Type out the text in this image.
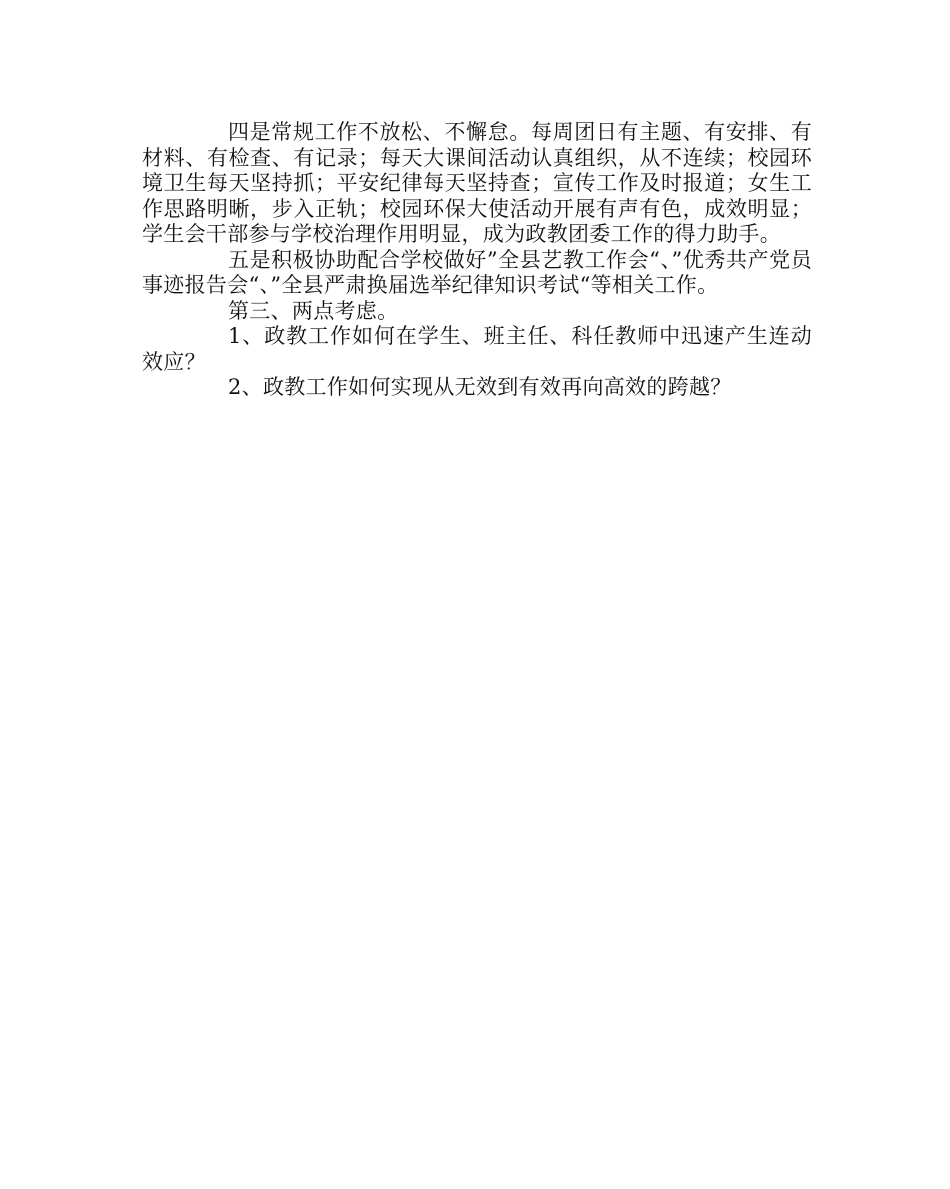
四是常规工作不放松、不懈怠。每周团日有主题、有安排、有材料、有检查、有记录；每天大课间活动认真组织，从不连续；校园环境卫生每天坚持抓；平安纪律每天坚持查；宣传工作及时报道；女生工作思路明晰，步入正轨；校园环保大使活动开展有声有色，成效明显；学生会干部参与学校治理作用明显，成为政教团委工作的得力助手。

五是积极协助配合学校做好”全县艺教工作会“、”优秀共产党员事迹报告会“、”全县严肃换届选举纪律知识考试“等相关工作。

第三、两点考虑。

1、政教工作如何在学生、班主任、科任教师中迅速产生连动效应？

2、政教工作如何实现从无效到有效再向高效的跨越？
